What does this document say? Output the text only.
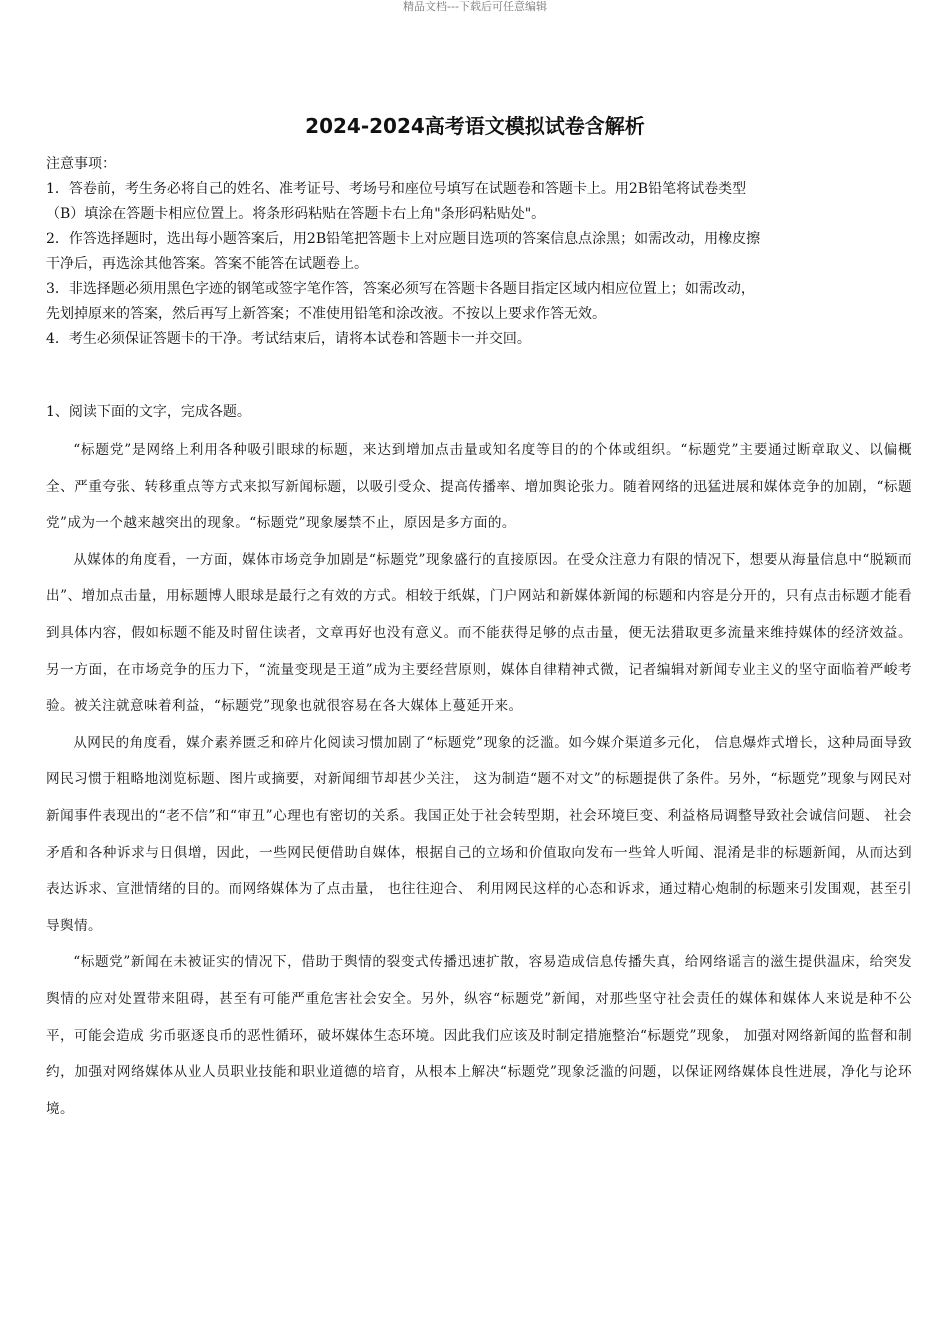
精品文档---下载后可任意编辑
2024-2024高考语文模拟试卷含解析

注意事项：

1．答卷前，考生务必将自己的姓名、准考证号、考场号和座位号填写在试题卷和答题卡上。用2B铅笔将试卷类型

（B）填涂在答题卡相应位置上。将条形码粘贴在答题卡右上角"条形码粘贴处"。

2．作答选择题时，选出每小题答案后，用2B铅笔把答题卡上对应题目选项的答案信息点涂黑；如需改动，用橡皮擦

干净后，再选涂其他答案。答案不能答在试题卷上。

3．非选择题必须用黑色字迹的钢笔或签字笔作答，答案必须写在答题卡各题目指定区域内相应位置上；如需改动，

先划掉原来的答案，然后再写上新答案；不准使用铅笔和涂改液。不按以上要求作答无效。

4．考生必须保证答题卡的干净。考试结束后，请将本试卷和答题卡一并交回。

1、阅读下面的文字，完成各题。

“标题党”是网络上利用各种吸引眼球的标题，来达到增加点击量或知名度等目的的个体或组织。“标题党”主要通过断章取义、以偏概全、严重夸张、转移重点等方式来拟写新闻标题，以吸引受众、提高传播率、增加舆论张力。随着网络的迅猛进展和媒体竞争的加剧，“标题党”成为一个越来越突出的现象。“标题党”现象屡禁不止，原因是多方面的。

从媒体的角度看，一方面，媒体市场竞争加剧是“标题党”现象盛行的直接原因。在受众注意力有限的情况下，想要从海量信息中“脱颖而出”、增加点击量，用标题博人眼球是最行之有效的方式。相较于纸媒，门户网站和新媒体新闻的标题和内容是分开的，只有点击标题才能看到具体内容，假如标题不能及时留住读者，文章再好也没有意义。而不能获得足够的点击量，便无法猎取更多流量来维持媒体的经济效益。另一方面，在市场竞争的压力下，“流量变现是王道”成为主要经营原则，媒体自律精神式微，记者编辑对新闻专业主义的坚守面临着严峻考验。被关注就意味着利益，“标题党”现象也就很容易在各大媒体上蔓延开来。

从网民的角度看，媒介素养匮乏和碎片化阅读习惯加剧了“标题党”现象的泛滥。如今媒介渠道多元化， 信息爆炸式增长，这种局面导致网民习惯于粗略地浏览标题、图片或摘要，对新闻细节却甚少关注， 这为制造“题不对文”的标题提供了条件。另外，“标题党”现象与网民对新闻事件表现出的“老不信”和“审丑”心理也有密切的关系。我国正处于社会转型期，社会环境巨变、利益格局调整导致社会诚信问题、 社会矛盾和各种诉求与日俱增，因此，一些网民便借助自媒体，根据自己的立场和价值取向发布一些耸人听闻、混淆是非的标题新闻，从而达到表达诉求、宣泄情绪的目的。而网络媒体为了点击量， 也往往迎合、 利用网民这样的心态和诉求，通过精心炮制的标题来引发围观，甚至引导舆情。

“标题党”新闻在未被证实的情况下，借助于舆情的裂变式传播迅速扩散，容易造成信息传播失真，给网络谣言的滋生提供温床，给突发舆情的应对处置带来阻碍，甚至有可能严重危害社会安全。另外，纵容“标题党”新闻，对那些坚守社会责任的媒体和媒体人来说是种不公平，可能会造成 劣币驱逐良币的恶性循环，破坏媒体生态环境。因此我们应该及时制定措施整治“标题党”现象， 加强对网络新闻的监督和制约，加强对网络媒体从业人员职业技能和职业道德的培育，从根本上解决“标题党”现象泛滥的问题，以保证网络媒体良性进展，净化与论环境。
